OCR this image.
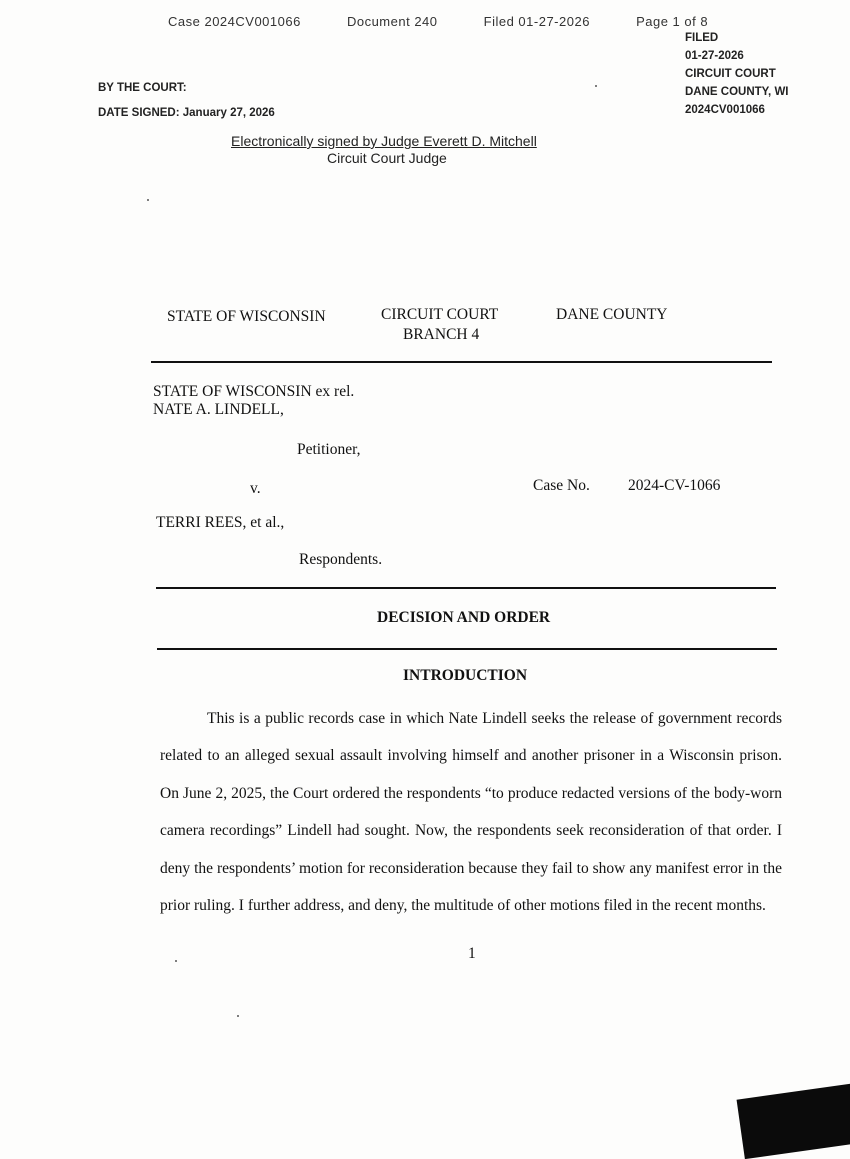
Case 2024CV001066	Document 240	Filed 01-27-2026	Page 1 of 8
FILED
01-27-2026
CIRCUIT COURT
DANE COUNTY, WI
2024CV001066
BY THE COURT:
DATE SIGNED: January 27, 2026
Electronically signed by Judge Everett D. Mitchell
Circuit Court Judge
STATE OF WISCONSIN	CIRCUIT COURT
BRANCH 4
DANE COUNTY
STATE OF WISCONSIN ex rel.
NATE A. LINDELL,
Petitioner,
v.	Case No. 2024-CV-1066
TERRI REES, et al.,
Respondents.
DECISION AND ORDER
INTRODUCTION
This is a public records case in which Nate Lindell seeks the release of government records related to an alleged sexual assault involving himself and another prisoner in a Wisconsin prison. On June 2, 2025, the Court ordered the respondents “to produce redacted versions of the body-worn camera recordings” Lindell had sought. Now, the respondents seek reconsideration of that order. I deny the respondents’ motion for reconsideration because they fail to show any manifest error in the prior ruling. I further address, and deny, the multitude of other motions filed in the recent months.
1
